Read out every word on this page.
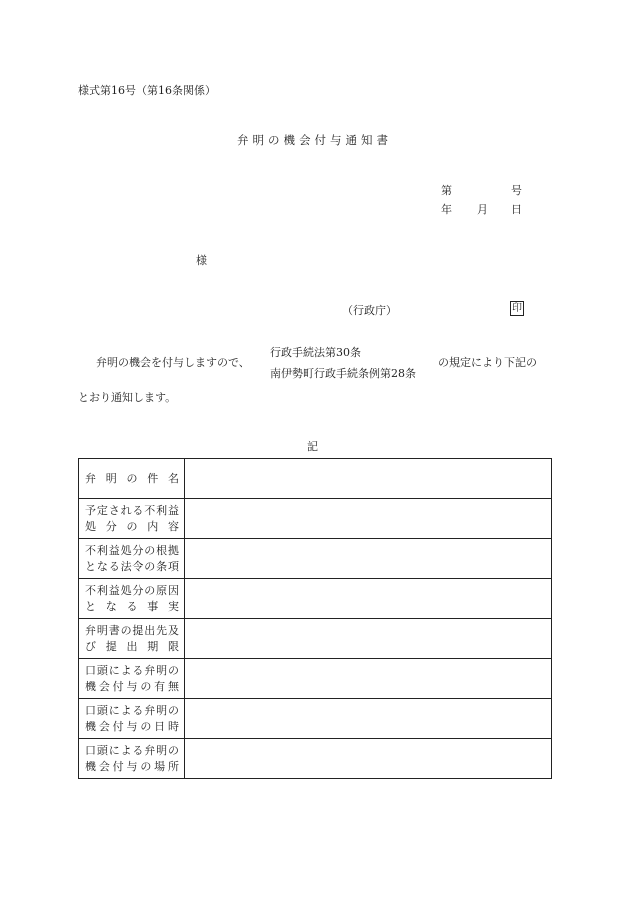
様式第16号（第16条関係）
弁明の機会付与通知書
第	号
年 月 日
様
（行政庁）	印
弁明の機会を付与しますので、
行政手続法第30条
南伊勢町行政手続条例第28条
の規定により下記の
とおり通知します。
記
弁明の件名	

予定される不利益
処分の内容	

不利益処分の根拠
となる法令の条項	

不利益処分の原因
となる事実	

弁明書の提出先及
び提出期限	

口頭による弁明の
機会付与の有無	

口頭による弁明の
機会付与の日時	

口頭による弁明の
機会付与の場所	
